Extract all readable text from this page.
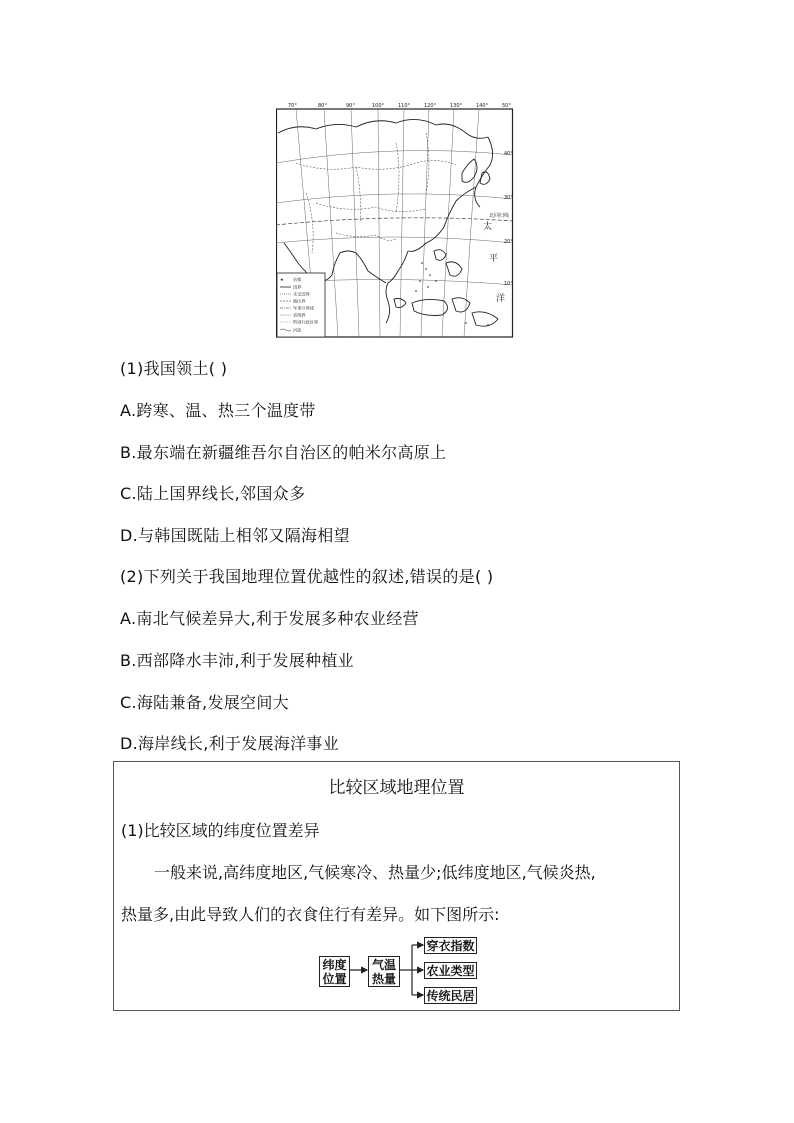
70°	80°	90°	100°	110°	120°	130°	140°	50°
40°
30°
20°
10°
北回归线
太
平
洋
★ 首都
国界
未定国界
地区界
军事分界线
省级界
特别行政区界
河流
(1)我国领土( )
A.跨寒、温、热三个温度带
B.最东端在新疆维吾尔自治区的帕米尔高原上
C.陆上国界线长,邻国众多
D.与韩国既陆上相邻又隔海相望
(2)下列关于我国地理位置优越性的叙述,错误的是( )
A.南北气候差异大,利于发展多种农业经营
B.西部降水丰沛,利于发展种植业
C.海陆兼备,发展空间大
D.海岸线长,利于发展海洋事业
比较区域地理位置
(1)比较区域的纬度位置差异
一般来说,高纬度地区,气候寒冷、热量少;低纬度地区,气候炎热,
热量多,由此导致人们的衣食住行有差异。如下图所示:
纬度
位置
气温
热量
穿衣指数
农业类型
传统民居
